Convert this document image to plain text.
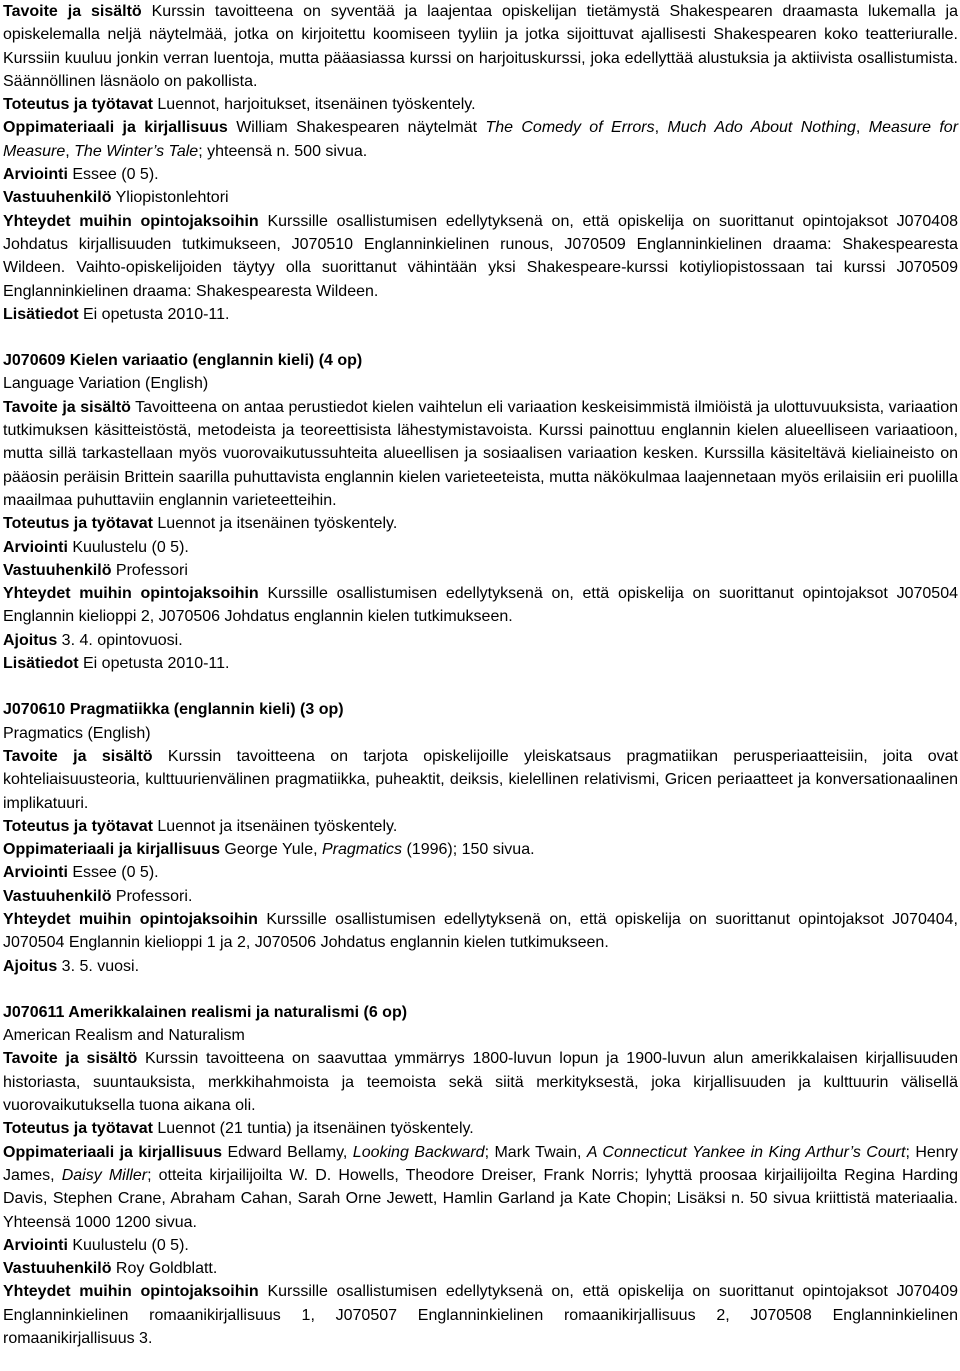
Tavoite ja sisältö Kurssin tavoitteena on syventää ja laajentaa opiskelijan tietämystä Shakespearen draamasta lukemalla ja opiskelemalla neljä näytelmää, jotka on kirjoitettu koomiseen tyyliin ja jotka sijoittuvat ajallisesti Shakespearen koko teatteriuralle. Kurssiin kuuluu jonkin verran luentoja, mutta pääasiassa kurssi on harjoituskurssi, joka edellyttää alustuksia ja aktiivista osallistumista. Säännöllinen läsnäolo on pakollista.

Toteutus ja työtavat Luennot, harjoitukset, itsenäinen työskentely.

Oppimateriaali ja kirjallisuus William Shakespearen näytelmät The Comedy of Errors, Much Ado About Nothing, Measure for Measure, The Winter’s Tale; yhteensä n. 500 sivua.

Arviointi Essee (0 5).

Vastuuhenkilö Yliopistonlehtori

Yhteydet muihin opintojaksoihin Kurssille osallistumisen edellytyksenä on, että opiskelija on suorittanut opintojaksot J070408 Johdatus kirjallisuuden tutkimukseen, J070510 Englanninkielinen runous, J070509 Englanninkielinen draama: Shakespearesta Wildeen. Vaihto-opiskelijoiden täytyy olla suorittanut vähintään yksi Shakespeare-kurssi kotiyliopistossaan tai kurssi J070509 Englanninkielinen draama: Shakespearesta Wildeen.

Lisätiedot Ei opetusta 2010-11.

J070609 Kielen variaatio (englannin kieli) (4 op)

Language Variation (English)

Tavoite ja sisältö Tavoitteena on antaa perustiedot kielen vaihtelun eli variaation keskeisimmistä ilmiöistä ja ulottuvuuksista, variaation tutkimuksen käsitteistöstä, metodeista ja teoreettisista lähestymistavoista. Kurssi painottuu englannin kielen alueelliseen variaatioon, mutta sillä tarkastellaan myös vuorovaikutussuhteita alueellisen ja sosiaalisen variaation kesken. Kurssilla käsiteltävä kieliaineisto on pääosin peräisin Brittein saarilla puhuttavista englannin kielen varieteeteista, mutta näkökulmaa laajennetaan myös erilaisiin eri puolilla maailmaa puhuttaviin englannin varieteetteihin.

Toteutus ja työtavat Luennot ja itsenäinen työskentely.

Arviointi Kuulustelu (0 5).

Vastuuhenkilö Professori

Yhteydet muihin opintojaksoihin Kurssille osallistumisen edellytyksenä on, että opiskelija on suorittanut opintojaksot J070504 Englannin kielioppi 2, J070506 Johdatus englannin kielen tutkimukseen.

Ajoitus 3. 4. opintovuosi.

Lisätiedot Ei opetusta 2010-11.

J070610 Pragmatiikka (englannin kieli) (3 op)

Pragmatics (English)

Tavoite ja sisältö Kurssin tavoitteena on tarjota opiskelijoille yleiskatsaus pragmatiikan perusperiaatteisiin, joita ovat kohteliaisuusteoria, kulttuurienvälinen pragmatiikka, puheaktit, deiksis, kielellinen relativismi, Gricen periaatteet ja konversationaalinen implikatuuri.

Toteutus ja työtavat Luennot ja itsenäinen työskentely.

Oppimateriaali ja kirjallisuus George Yule, Pragmatics (1996); 150 sivua.

Arviointi Essee (0 5).

Vastuuhenkilö Professori.

Yhteydet muihin opintojaksoihin Kurssille osallistumisen edellytyksenä on, että opiskelija on suorittanut opintojaksot J070404, J070504 Englannin kielioppi 1 ja 2, J070506 Johdatus englannin kielen tutkimukseen.

Ajoitus 3. 5. vuosi.

J070611 Amerikkalainen realismi ja naturalismi (6 op)

American Realism and Naturalism

Tavoite ja sisältö Kurssin tavoitteena on saavuttaa ymmärrys 1800-luvun lopun ja 1900-luvun alun amerikkalaisen kirjallisuuden historiasta, suuntauksista, merkkihahmoista ja teemoista sekä siitä merkityksestä, joka kirjallisuuden ja kulttuurin välisellä vuorovaikutuksella tuona aikana oli.

Toteutus ja työtavat Luennot (21 tuntia) ja itsenäinen työskentely.

Oppimateriaali ja kirjallisuus Edward Bellamy, Looking Backward; Mark Twain, A Connecticut Yankee in King Arthur’s Court; Henry James, Daisy Miller; otteita kirjailijoilta W. D. Howells, Theodore Dreiser, Frank Norris; lyhyttä proosaa kirjailijoilta Regina Harding Davis, Stephen Crane, Abraham Cahan, Sarah Orne Jewett, Hamlin Garland ja Kate Chopin; Lisäksi n. 50 sivua kriittistä materiaalia. Yhteensä 1000 1200 sivua.

Arviointi Kuulustelu (0 5).

Vastuuhenkilö Roy Goldblatt.

Yhteydet muihin opintojaksoihin Kurssille osallistumisen edellytyksenä on, että opiskelija on suorittanut opintojaksot J070409 Englanninkielinen romaanikirjallisuus 1, J070507 Englanninkielinen romaanikirjallisuus 2, J070508 Englanninkielinen romaanikirjallisuus 3.
